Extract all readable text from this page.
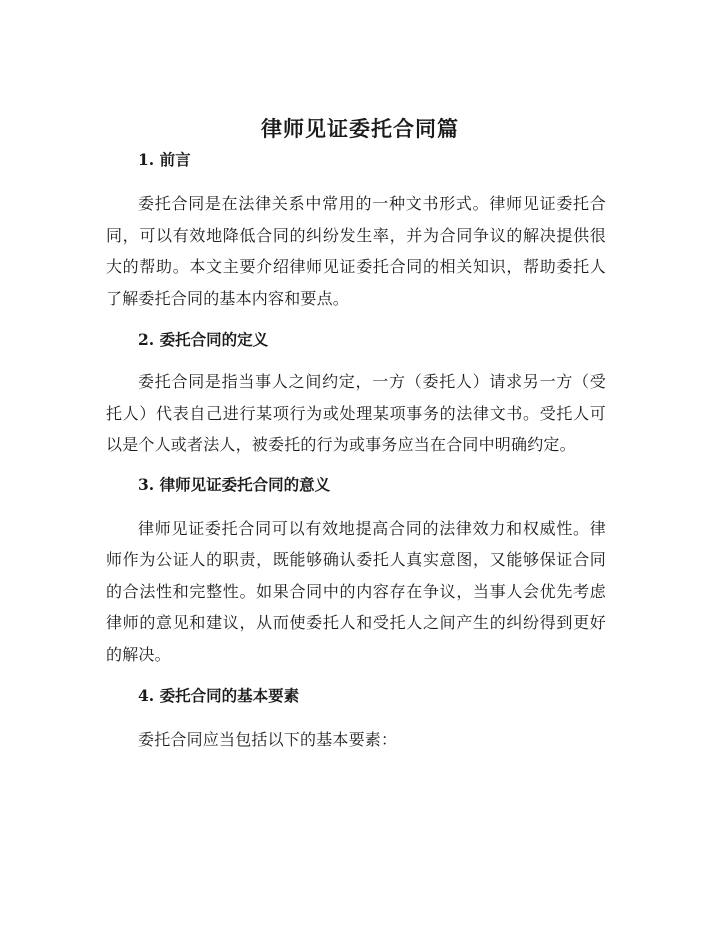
律师见证委托合同篇
1. 前言

委托合同是在法律关系中常用的一种文书形式。律师见证委托合同，可以有效地降低合同的纠纷发生率，并为合同争议的解决提供很大的帮助。本文主要介绍律师见证委托合同的相关知识，帮助委托人了解委托合同的基本内容和要点。

2. 委托合同的定义

委托合同是指当事人之间约定，一方（委托人）请求另一方（受托人）代表自己进行某项行为或处理某项事务的法律文书。受托人可以是个人或者法人，被委托的行为或事务应当在合同中明确约定。

3. 律师见证委托合同的意义

律师见证委托合同可以有效地提高合同的法律效力和权威性。律师作为公证人的职责，既能够确认委托人真实意图，又能够保证合同的合法性和完整性。如果合同中的内容存在争议，当事人会优先考虑律师的意见和建议，从而使委托人和受托人之间产生的纠纷得到更好的解决。

4. 委托合同的基本要素

委托合同应当包括以下的基本要素：
